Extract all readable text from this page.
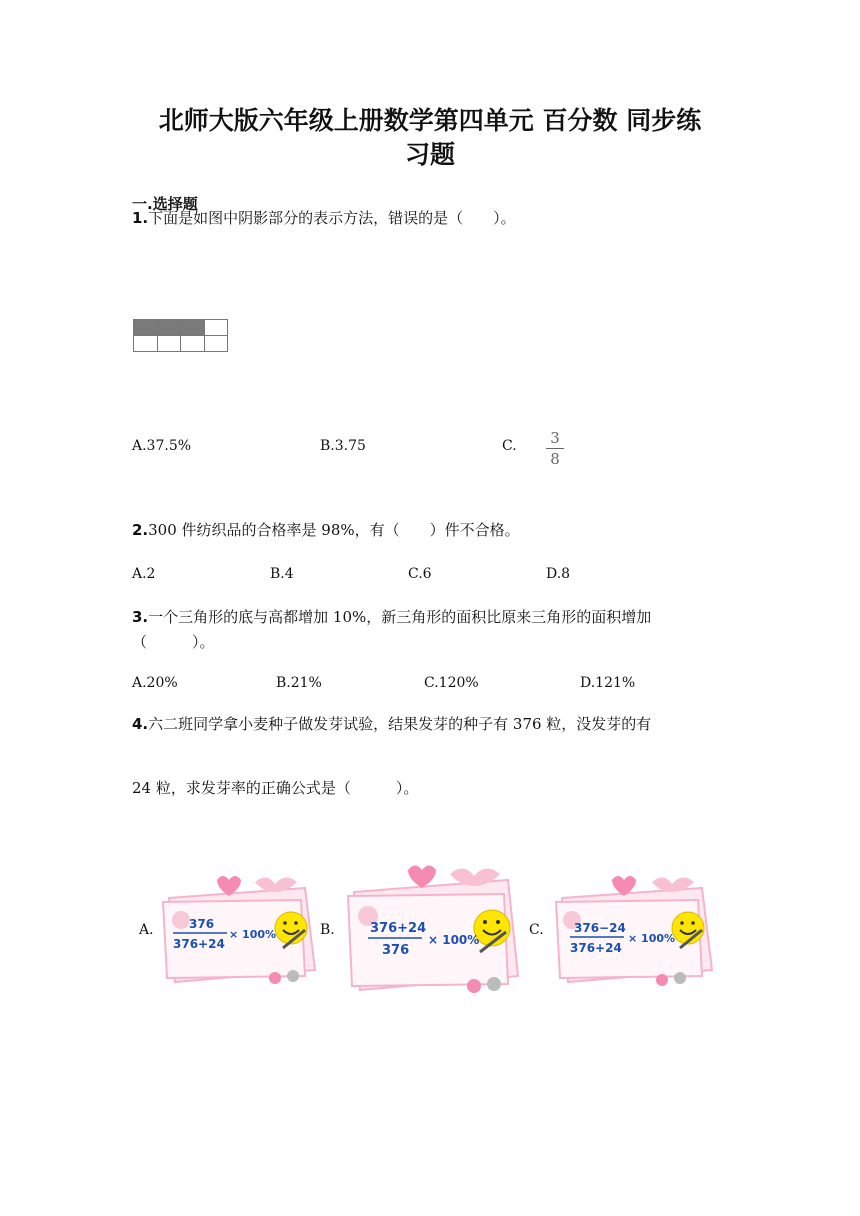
北师大版六年级上册数学第四单元 百分数 同步练
习题
一.选择题
1.下面是如图中阴影部分的表示方法，错误的是（　　）。

A.37.5%	B.3.75	C. 3
8
2.300 件纺织品的合格率是 98%，有（　　）件不合格。
A.2	B.4	C.6	D.8
3.一个三角形的底与高都增加 10%，新三角形的面积比原来三角形的面积增加
（　　　）。
A.20%	B.21%	C.120%	D.121%
4.六二班同学拿小麦种子做发芽试验，结果发芽的种子有 376 粒，没发芽的有
24 粒，求发芽率的正确公式是（　　　）。
A.	B.	C.
376
376+24
× 100%	376+24
376
× 100%
376−24
376+24
× 100%
